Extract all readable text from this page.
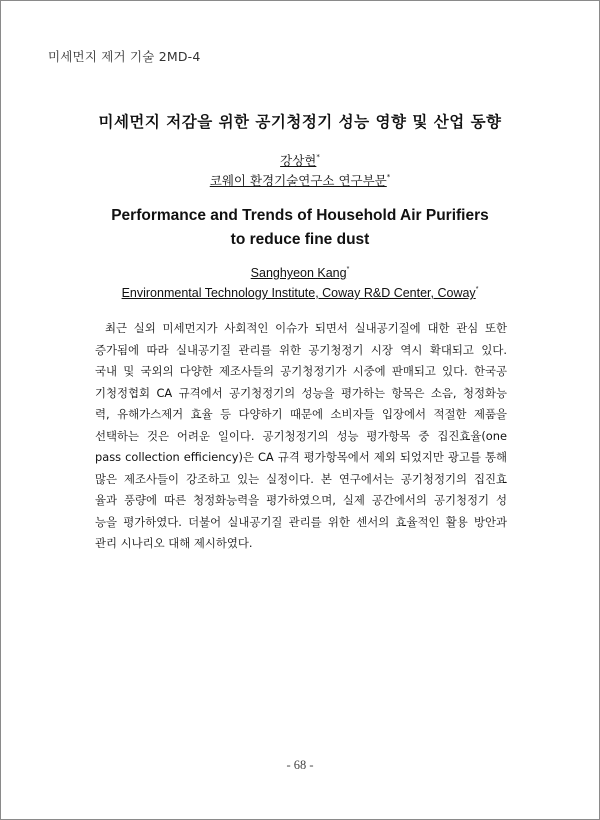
미세먼지 제거 기술 2MD-4
미세먼지 저감을 위한 공기청정기 성능 영향 및 산업 동향
강상현*
코웨이 환경기술연구소 연구부문*
Performance and Trends of Household Air Purifiers
to reduce fine dust
Sanghyeon Kang*
Environmental Technology Institute, Coway R&D Center, Coway*
최근 실외 미세먼지가 사회적인 이슈가 되면서 실내공기질에 대한 관심 또한
증가됨에 따라 실내공기질 관리를 위한 공기청정기 시장 역시 확대되고 있다.
국내 및 국외의 다양한 제조사들의 공기청정기가 시중에 판매되고 있다. 한국공
기청정협회 CA 규격에서 공기청정기의 성능을 평가하는 항목은 소음, 청정화능
력, 유해가스제거 효율 등 다양하기 때문에 소비자들 입장에서 적절한 제품을
선택하는 것은 어려운 일이다. 공기청정기의 성능 평가항목 중 집진효율(one
pass collection efficiency)은 CA 규격 평가항목에서 제외 되었지만 광고를 통해
많은 제조사들이 강조하고 있는 실정이다. 본 연구에서는 공기청정기의 집진효
율과 풍량에 따른 청정화능력을 평가하였으며, 실제 공간에서의 공기청정기 성
능을 평가하였다. 더불어 실내공기질 관리를 위한 센서의 효율적인 활용 방안과
관리 시나리오 대해 제시하였다.
- 68 -
